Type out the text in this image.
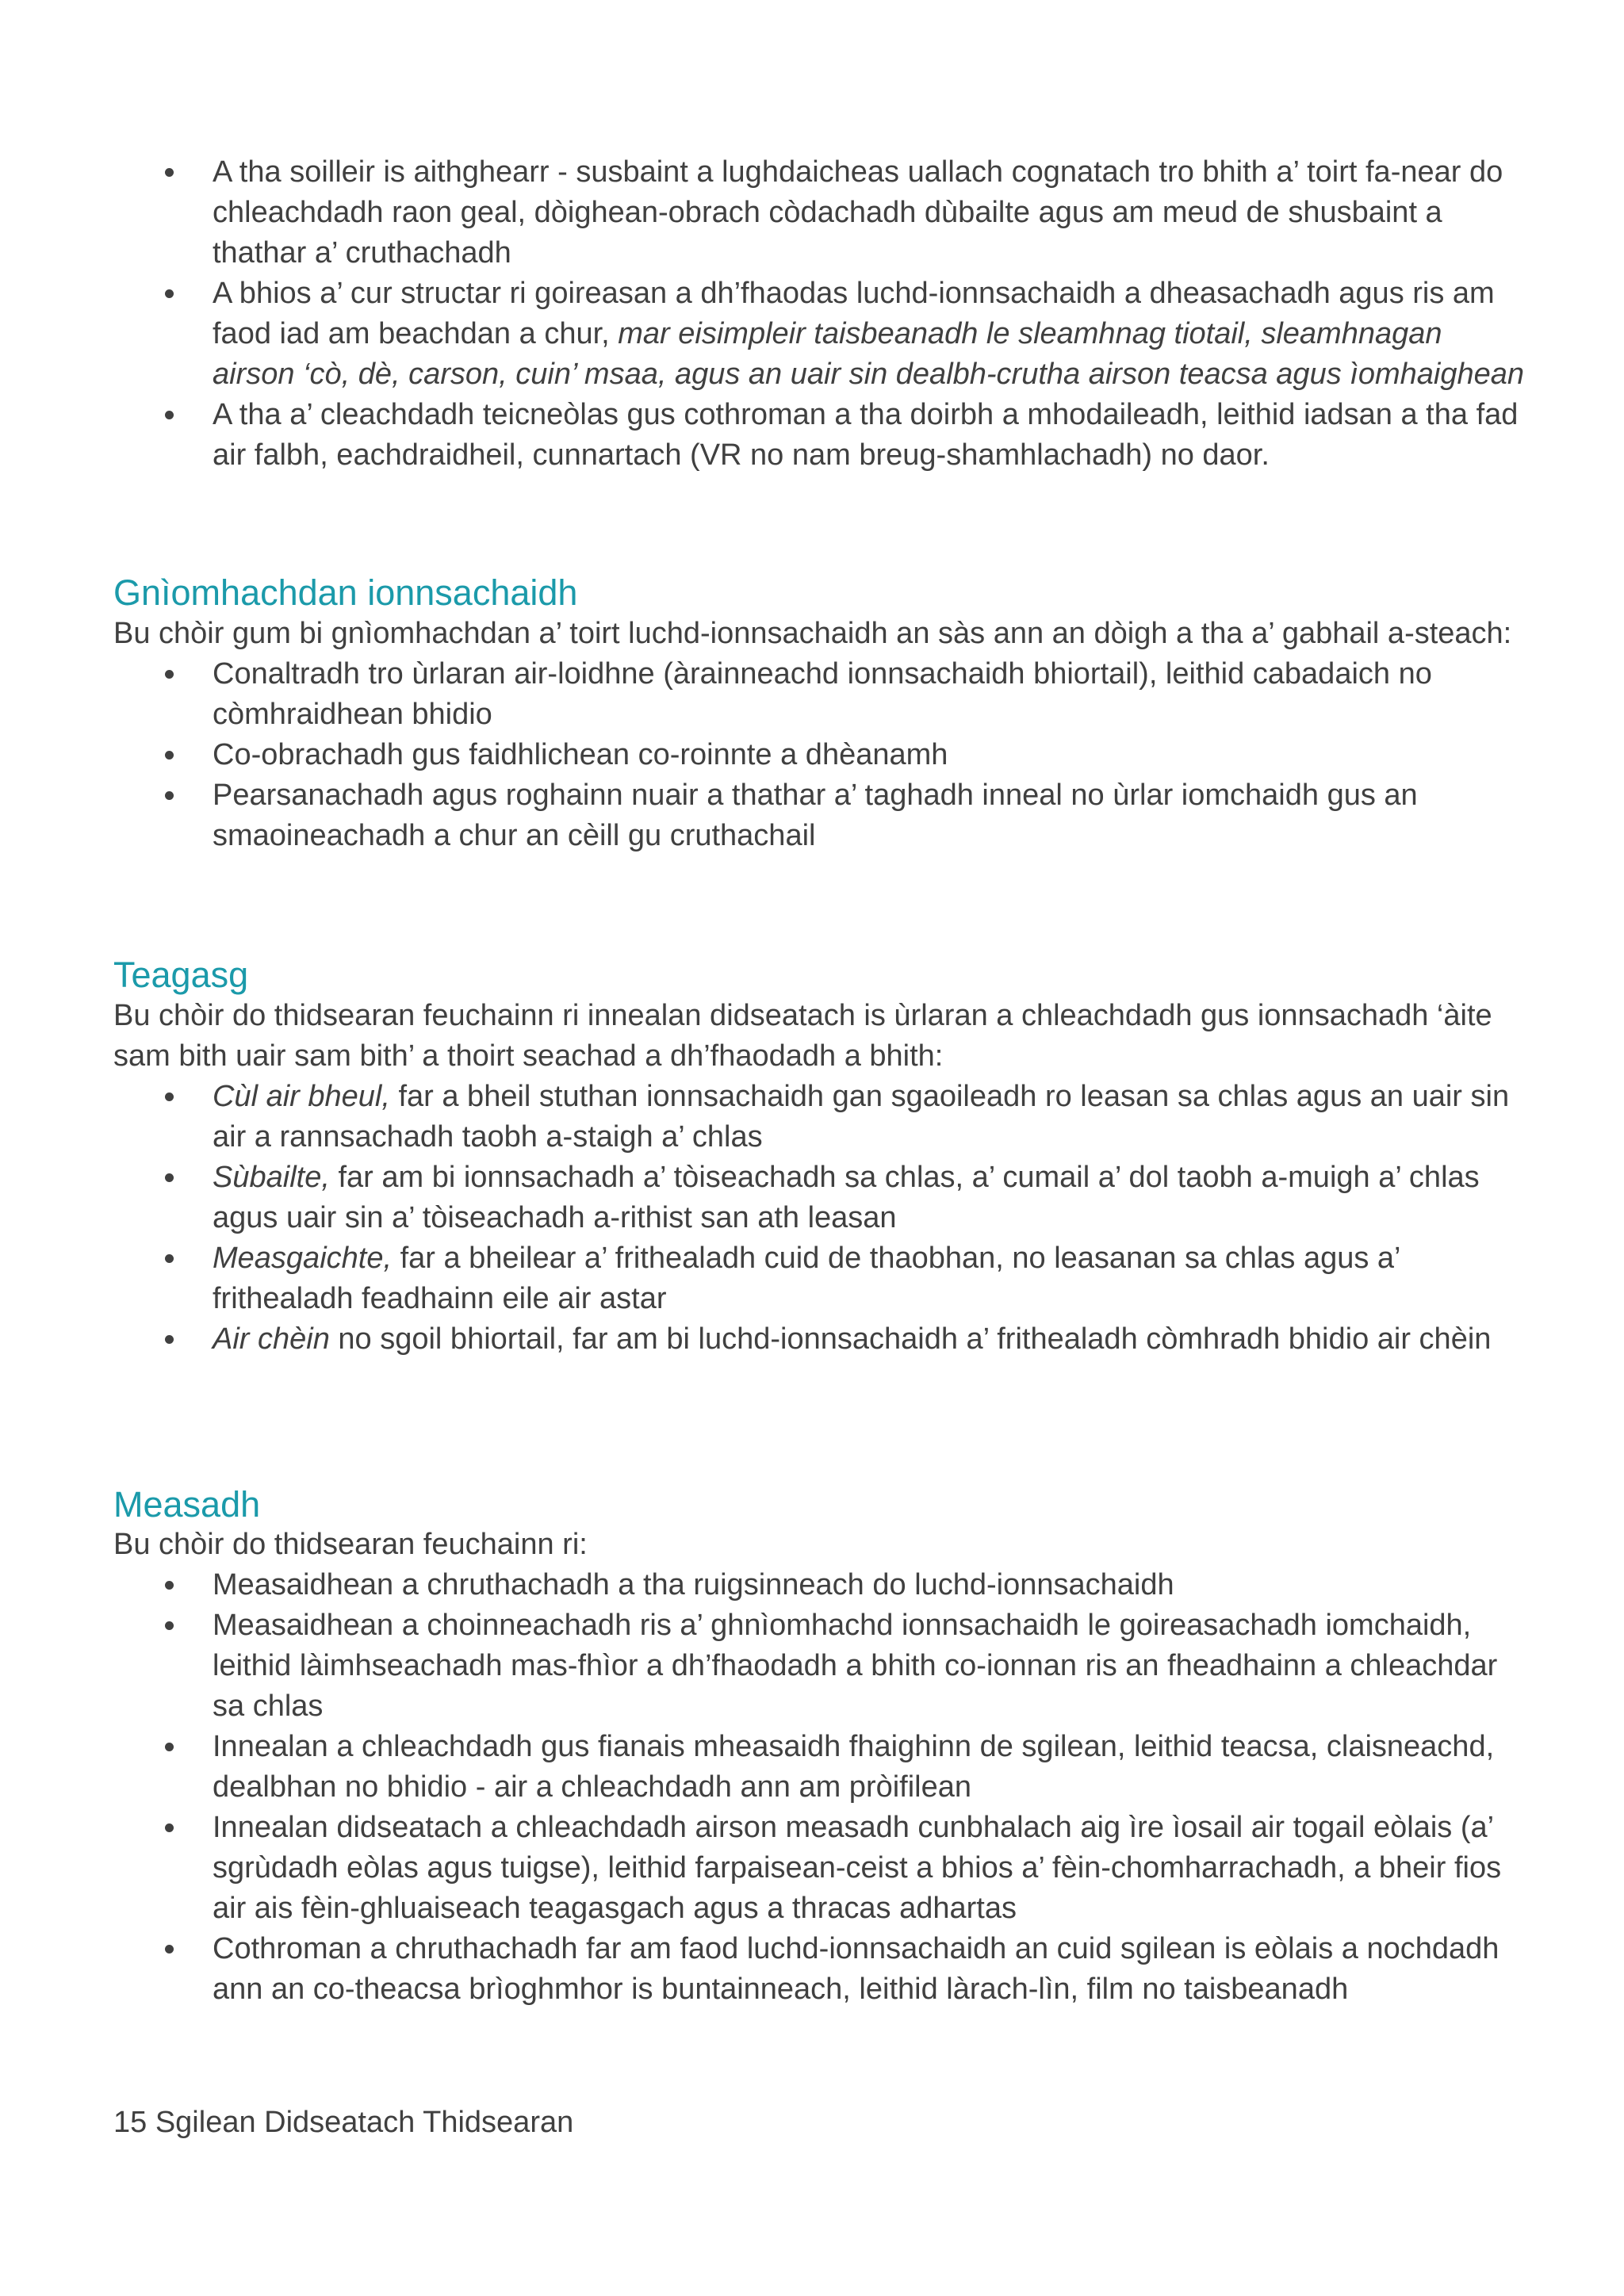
A tha soilleir is aithghearr - susbaint a lughdaicheas uallach cognatach tro bhith a’ toirt fa-near do chleachdadh raon geal, dòighean-obrach còdachadh dùbailte agus am meud de shusbaint a thathar a’ cruthachadh
A bhios a’ cur structar ri goireasan a dh’fhaodas luchd-ionnsachaidh a dheasachadh agus ris am faod iad am beachdan a chur, mar eisimpleir taisbeanadh le sleamhnag tiotail, sleamhnagan airson ‘cò, dè, carson, cuin’ msaa, agus an uair sin dealbh-crutha airson teacsa agus ìomhaighean
A tha a’ cleachdadh teicneòlas gus cothroman a tha doirbh a mhodaileadh, leithid iadsan a tha fad air falbh, eachdraidheil, cunnartach (VR no nam breug-shamhlachadh) no daor.
Gnìomhachdan ionnsachaidh

Bu chòir gum bi gnìomhachdan a’ toirt luchd-ionnsachaidh an sàs ann an dòigh a tha a’ gabhail a-steach:

Conaltradh tro ùrlaran air-loidhne (àrainneachd ionnsachaidh bhiortail), leithid cabadaich no còmhraidhean bhidio
Co-obrachadh gus faidhlichean co-roinnte a dhèanamh
Pearsanachadh agus roghainn nuair a thathar a’ taghadh inneal no ùrlar iomchaidh gus an smaoineachadh a chur an cèill gu cruthachail
Teagasg

Bu chòir do thidsearan feuchainn ri innealan didseatach is ùrlaran a chleachdadh gus ionnsachadh ‘àite sam bith uair sam bith’ a thoirt seachad a dh’fhaodadh a bhith:

Cùl air bheul, far a bheil stuthan ionnsachaidh gan sgaoileadh ro leasan sa chlas agus an uair sin air a rannsachadh taobh a-staigh a’ chlas
Sùbailte, far am bi ionnsachadh a’ tòiseachadh sa chlas, a’ cumail a’ dol taobh a-muigh a’ chlas agus uair sin a’ tòiseachadh a-rithist san ath leasan
Measgaichte, far a bheilear a’ frithealadh cuid de thaobhan, no leasanan sa chlas agus a’ frithealadh feadhainn eile air astar
Air chèin no sgoil bhiortail, far am bi luchd-ionnsachaidh a’ frithealadh còmhradh bhidio air chèin
Measadh

Bu chòir do thidsearan feuchainn ri:

Measaidhean a chruthachadh a tha ruigsinneach do luchd-ionnsachaidh
Measaidhean a choinneachadh ris a’ ghnìomhachd ionnsachaidh le goireasachadh iomchaidh, leithid làimhseachadh mas-fhìor a dh’fhaodadh a bhith co-ionnan ris an fheadhainn a chleachdar sa chlas
Innealan a chleachdadh gus fianais mheasaidh fhaighinn de sgilean, leithid teacsa, claisneachd, dealbhan no bhidio - air a chleachdadh ann am pròifilean
Innealan didseatach a chleachdadh airson measadh cunbhalach aig ìre ìosail air togail eòlais (a’ sgrùdadh eòlas agus tuigse), leithid farpaisean-ceist a bhios a’ fèin-chomharrachadh, a bheir fios air ais fèin-ghluaiseach teagasgach agus a thracas adhartas
Cothroman a chruthachadh far am faod luchd-ionnsachaidh an cuid sgilean is eòlais a nochdadh ann an co-theacsa brìoghmhor is buntainneach, leithid làrach-lìn, film no taisbeanadh
15 Sgilean Didseatach Thidsearan
